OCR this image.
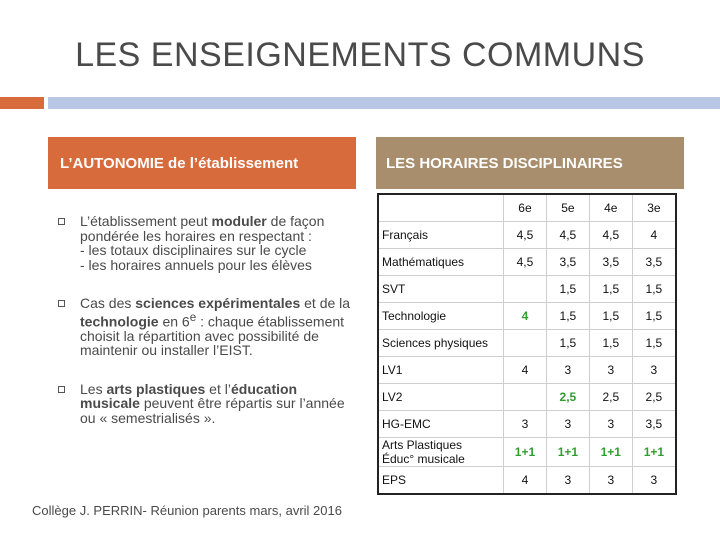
LES ENSEIGNEMENTS COMMUNS
L’AUTONOMIE de l’établissement	LES HORAIRES DISCIPLINAIRES

L’établissement peut moduler de façon pondérée les horaires en respectant :

- les totaux disciplinaires sur le cycle

- les horaires annuels pour les élèves

Cas des sciences expérimentales et de la technologie en 6e : chaque établissement choisit la répartition avec possibilité de maintenir ou installer l’EIST.

Les arts plastiques et l’éducation musicale peuvent être répartis sur l’année ou « semestrialisés ».

	6e	5e	4e	3e
Français	4,5	4,5	4,5	4
Mathématiques	4,5	3,5	3,5	3,5
SVT		1,5	1,5	1,5
Technologie	4	1,5	1,5	1,5
Sciences physiques		1,5	1,5	1,5
LV1	4	3	3	3
LV2		2,5	2,5	2,5
HG-EMC	3	3	3	3,5
Arts Plastiques
Éduc° musicale	1+1	1+1	1+1	1+1
EPS	4	3	3	3
Collège J. PERRIN- Réunion parents mars, avril 2016
